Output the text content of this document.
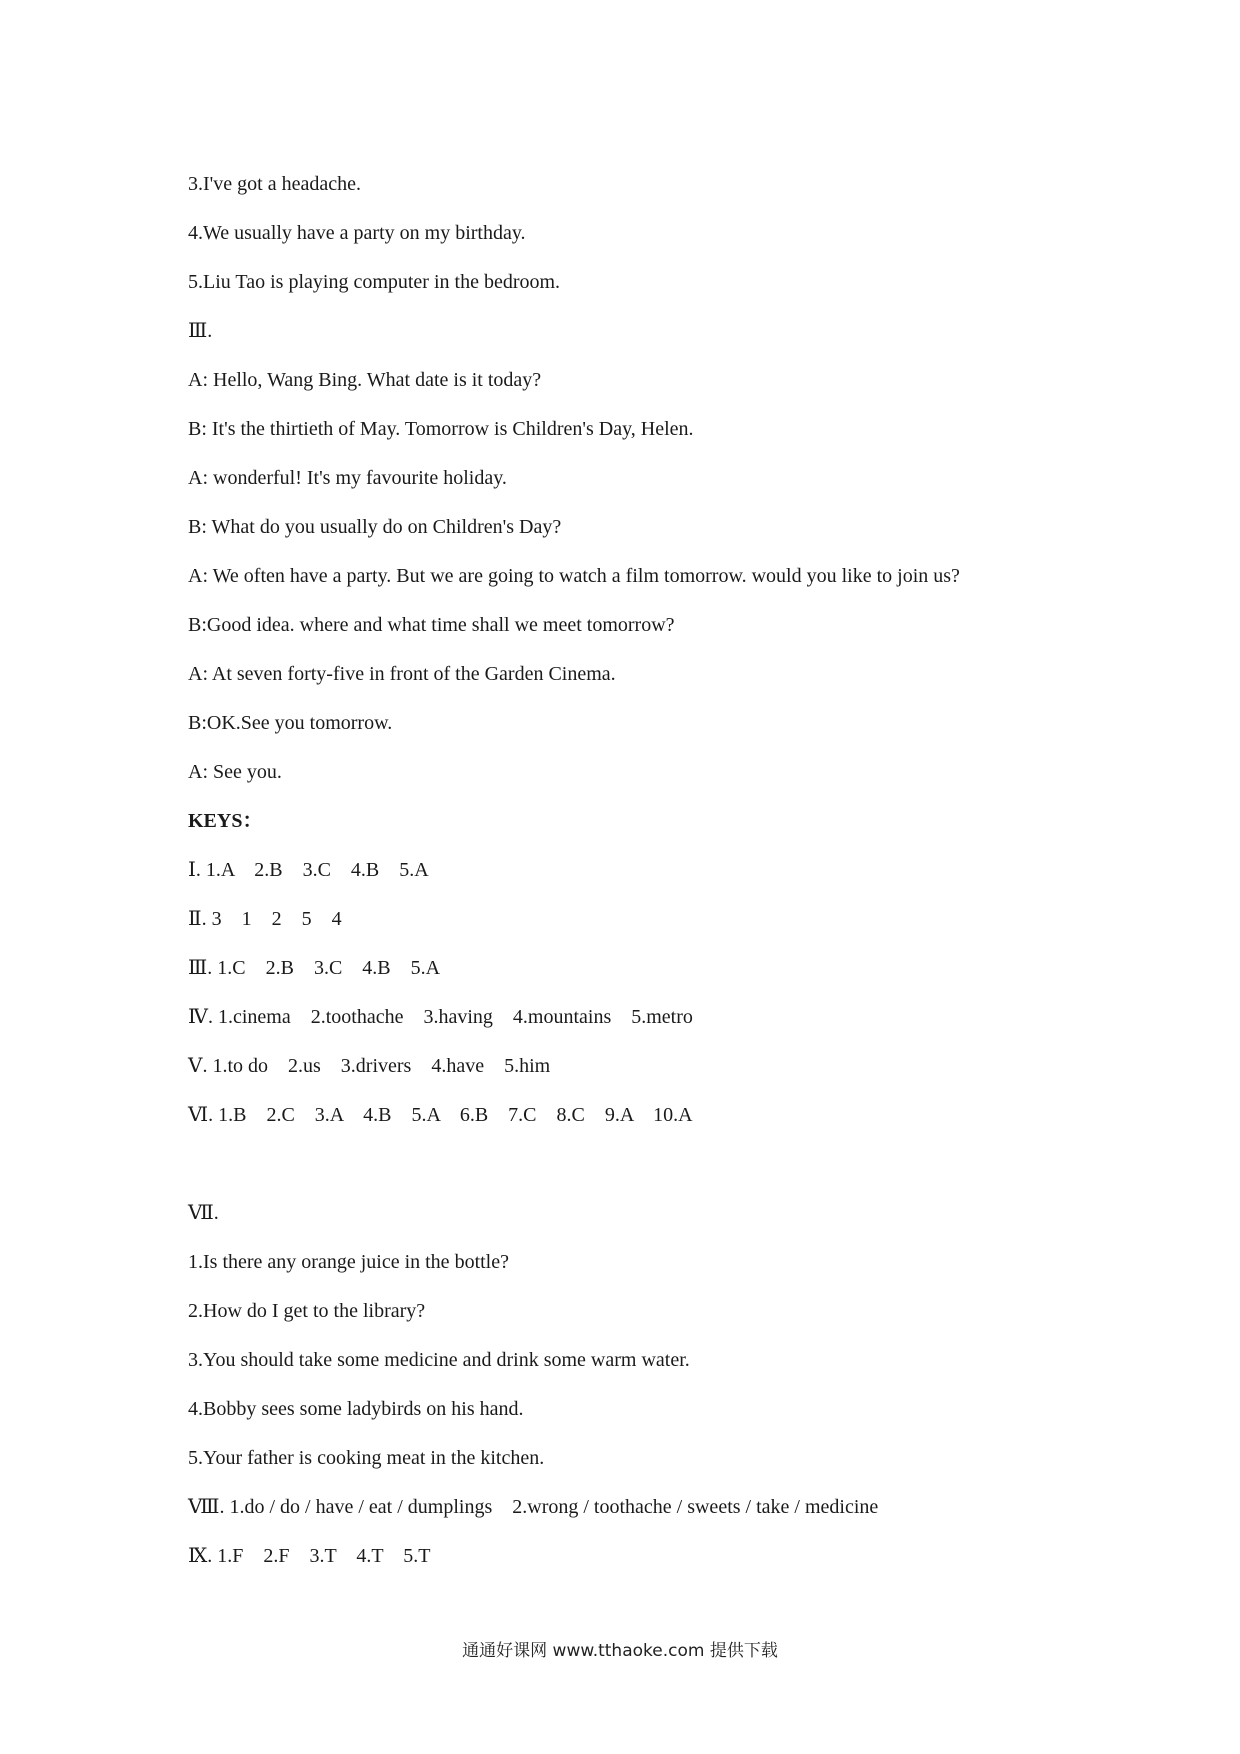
3.I've got a headache.

4.We usually have a party on my birthday.

5.Liu Tao is playing computer in the bedroom.

Ⅲ.

A: Hello, Wang Bing. What date is it today?

B: It's the thirtieth of May. Tomorrow is Children's Day, Helen.

A: wonderful! It's my favourite holiday.

B: What do you usually do on Children's Day?

A: We often have a party. But we are going to watch a film tomorrow. would you like to join us?

B:Good idea. where and what time shall we meet tomorrow?

A: At seven forty-five in front of the Garden Cinema.

B:OK.See you tomorrow.

A: See you.

KEYS：

Ⅰ. 1.A    2.B    3.C    4.B    5.A

Ⅱ. 3    1    2    5    4

Ⅲ. 1.C    2.B    3.C    4.B    5.A

Ⅳ. 1.cinema    2.toothache    3.having    4.mountains    5.metro

Ⅴ. 1.to do    2.us    3.drivers    4.have    5.him

Ⅵ. 1.B    2.C    3.A    4.B    5.A    6.B    7.C    8.C    9.A    10.A

Ⅶ.

1.Is there any orange juice in the bottle?

2.How do I get to the library?

3.You should take some medicine and drink some warm water.

4.Bobby sees some ladybirds on his hand.

5.Your father is cooking meat in the kitchen.

Ⅷ. 1.do / do / have / eat / dumplings    2.wrong / toothache / sweets / take / medicine

Ⅸ. 1.F    2.F    3.T    4.T    5.T

通通好课网 www.tthaoke.com 提供下载
